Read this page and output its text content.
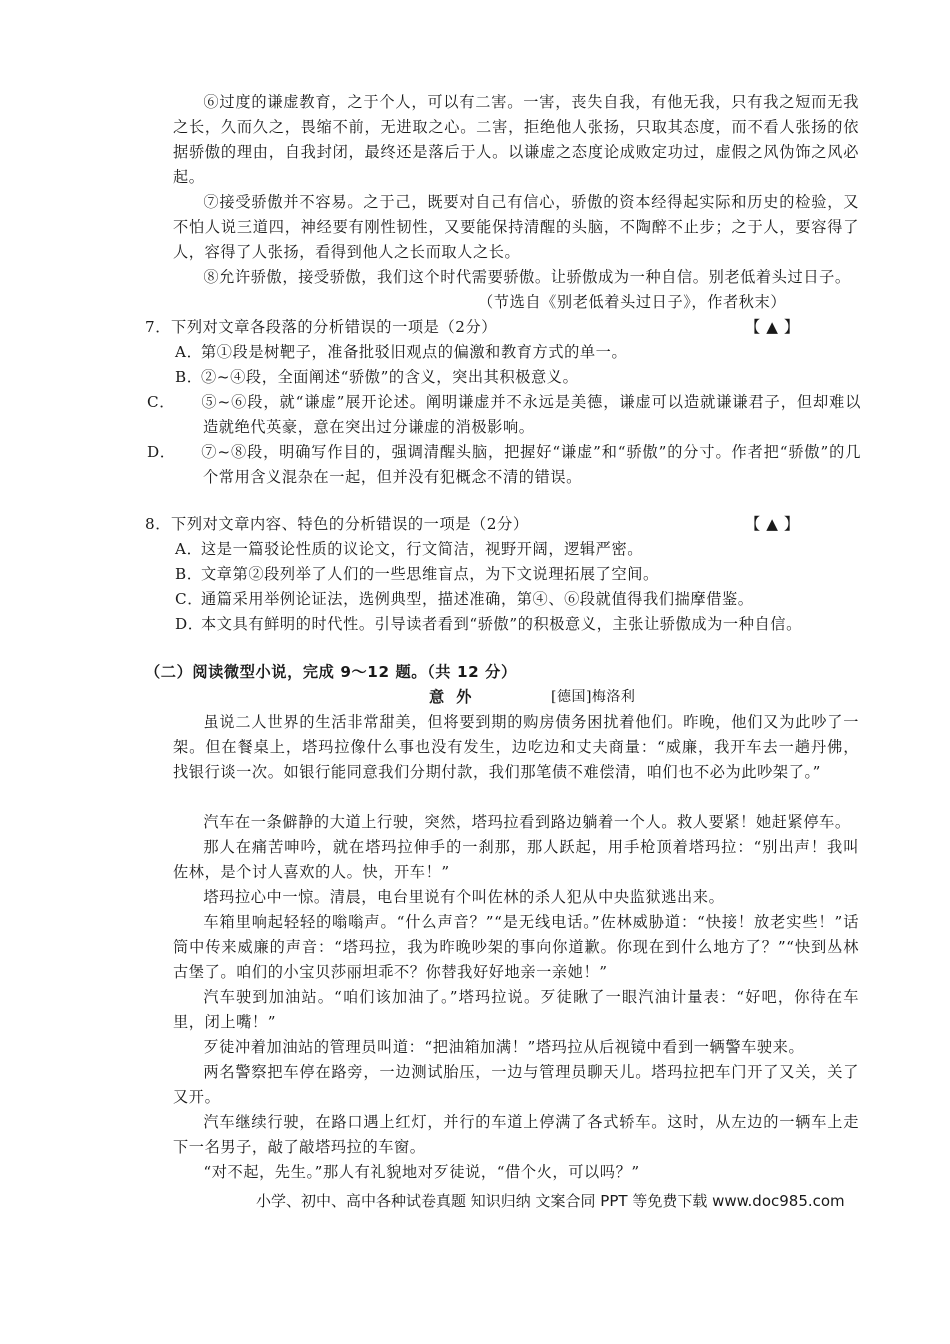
⑥过度的谦虚教育，之于个人，可以有二害。一害，丧失自我，有他无我，只有我之短而无我之长，久而久之，畏缩不前，无进取之心。二害，拒绝他人张扬，只取其态度，而不看人张扬的依据骄傲的理由，自我封闭，最终还是落后于人。以谦虚之态度论成败定功过，虚假之风伪饰之风必起。

⑦接受骄傲并不容易。之于己，既要对自己有信心，骄傲的资本经得起实际和历史的检验，又不怕人说三道四，神经要有刚性韧性，又要能保持清醒的头脑，不陶醉不止步；之于人，要容得了人，容得了人张扬，看得到他人之长而取人之长。

⑧允许骄傲，接受骄傲，我们这个时代需要骄傲。让骄傲成为一种自信。别老低着头过日子。

（节选自《别老低着头过日子》，作者秋末）
7．下列对文章各段落的分析错误的一项是（2分）	【 ▲ 】
A．第①段是树靶子，准备批驳旧观点的偏激和教育方式的单一。
B．②~④段，全面阐述“骄傲”的含义，突出其积极意义。
C． ⑤~⑥段，就“谦虚”展开论述。阐明谦虚并不永远是美德，谦虚可以造就谦谦君子，但却难以造就绝代英豪，意在突出过分谦虚的消极影响。
D． ⑦~⑧段，明确写作目的，强调清醒头脑，把握好“谦虚”和“骄傲”的分寸。作者把“骄傲”的几个常用含义混杂在一起，但并没有犯概念不清的错误。
8．下列对文章内容、特色的分析错误的一项是（2分）	【 ▲ 】
A．这是一篇驳论性质的议论文，行文简洁，视野开阔，逻辑严密。
B．文章第②段列举了人们的一些思维盲点，为下文说理拓展了空间。
C．通篇采用举例论证法，选例典型，描述准确，第④、⑥段就值得我们揣摩借鉴。
D．本文具有鲜明的时代性。引导读者看到“骄傲”的积极意义，主张让骄傲成为一种自信。
（二）阅读微型小说，完成 9～12 题。（共 12 分）
意外	[德国]梅洛利

虽说二人世界的生活非常甜美，但将要到期的购房债务困扰着他们。昨晚，他们又为此吵了一架。但在餐桌上，塔玛拉像什么事也没有发生，边吃边和丈夫商量：“威廉，我开车去一趟丹佛，找银行谈一次。如银行能同意我们分期付款，我们那笔债不难偿清，咱们也不必为此吵架了。”

汽车在一条僻静的大道上行驶，突然，塔玛拉看到路边躺着一个人。救人要紧！她赶紧停车。

那人在痛苦呻吟，就在塔玛拉伸手的一刹那，那人跃起，用手枪顶着塔玛拉：“别出声！我叫佐林，是个讨人喜欢的人。快，开车！”

塔玛拉心中一惊。清晨，电台里说有个叫佐林的杀人犯从中央监狱逃出来。

车箱里响起轻轻的嗡嗡声。“什么声音？”“是无线电话。”佐林威胁道：“快接！放老实些！”话筒中传来威廉的声音：“塔玛拉，我为昨晚吵架的事向你道歉。你现在到什么地方了？”“快到丛林古堡了。咱们的小宝贝莎丽坦乖不？你替我好好地亲一亲她！”

汽车驶到加油站。“咱们该加油了。”塔玛拉说。歹徒瞅了一眼汽油计量表：“好吧，你待在车里，闭上嘴！”

歹徒冲着加油站的管理员叫道：“把油箱加满！”塔玛拉从后视镜中看到一辆警车驶来。

两名警察把车停在路旁，一边测试胎压，一边与管理员聊天儿。塔玛拉把车门开了又关，关了又开。

汽车继续行驶，在路口遇上红灯，并行的车道上停满了各式轿车。这时，从左边的一辆车上走下一名男子，敲了敲塔玛拉的车窗。

“对不起，先生。”那人有礼貌地对歹徒说，“借个火，可以吗？”

小学、初中、高中各种试卷真题 知识归纳 文案合同 PPT 等免费下载 www.doc985.com
